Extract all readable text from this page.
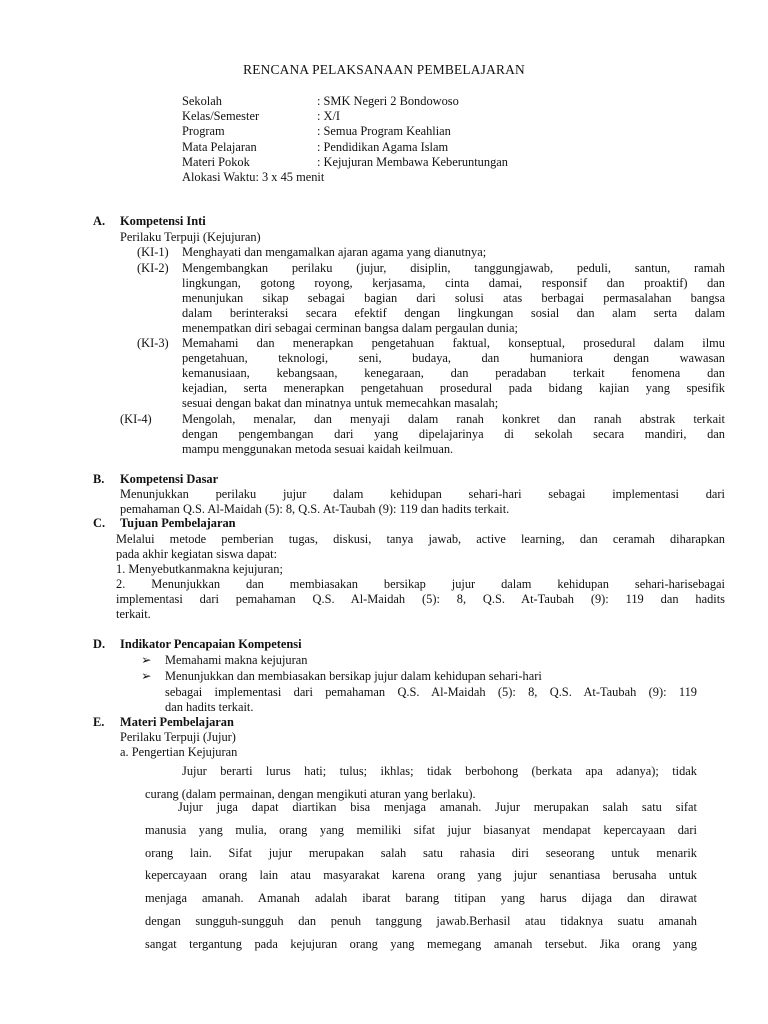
RENCANA PELAKSANAAN PEMBELAJARAN
Sekolah	: SMK Negeri 2 Bondowoso
Kelas/Semester	: X/I
Program	: Semua Program Keahlian
Mata Pelajaran	: Pendidikan Agama Islam
Materi Pokok	: Kejujuran Membawa Keberuntungan
Alokasi Waktu: 3 x 45 menit	
A. Kompetensi Inti
Perilaku Terpuji (Kejujuran)
(KI-1) Menghayati dan mengamalkan ajaran agama yang dianutnya;
(KI-2) Mengembangkan perilaku (jujur, disiplin, tanggungjawab, peduli, santun, ramah

lingkungan, gotong royong, kerjasama, cinta damai, responsif dan proaktif) dan

menunjukan sikap sebagai bagian dari solusi atas berbagai permasalahan bangsa

dalam berinteraksi secara efektif dengan lingkungan sosial dan alam serta dalam

menempatkan diri sebagai cerminan bangsa dalam pergaulan dunia;

(KI-3) Memahami dan menerapkan pengetahuan faktual, konseptual, prosedural dalam ilmu

pengetahuan, teknologi, seni, budaya, dan humaniora dengan wawasan

kemanusiaan, kebangsaan, kenegaraan, dan peradaban terkait fenomena dan

kejadian, serta menerapkan pengetahuan prosedural pada bidang kajian yang spesifik

sesuai dengan bakat dan minatnya untuk memecahkan masalah;

(KI-4) Mengolah, menalar, dan menyaji dalam ranah konkret dan ranah abstrak terkait

dengan pengembangan dari yang dipelajarinya di sekolah secara mandiri, dan

mampu menggunakan metoda sesuai kaidah keilmuan.

B. Kompetensi Dasar

Menunjukkan perilaku jujur dalam kehidupan sehari-hari sebagai implementasi dari

pemahaman Q.S. Al-Maidah (5): 8, Q.S. At-Taubah (9): 119 dan hadits terkait.

C. Tujuan Pembelajaran

Melalui metode pemberian tugas, diskusi, tanya jawab, active learning, dan ceramah diharapkan

pada akhir kegiatan siswa dapat:

1. Menyebutkanmakna kejujuran;

2. Menunjukkan dan membiasakan bersikap jujur dalam kehidupan sehari-harisebagai

implementasi dari pemahaman Q.S. Al-Maidah (5): 8, Q.S. At-Taubah (9): 119 dan hadits

terkait.

D. Indikator Pencapaian Kompetensi
➢ Memahami makna kejujuran
➢ Menunjukkan dan membiasakan bersikap jujur dalam kehidupan sehari-hari

sebagai implementasi dari pemahaman Q.S. Al-Maidah (5): 8, Q.S. At-Taubah (9): 119

dan hadits terkait.

E. Materi Pembelajaran
Perilaku Terpuji (Jujur)
a. Pengertian Kejujuran

Jujur berarti lurus hati; tulus; ikhlas; tidak berbohong (berkata apa adanya); tidak

curang (dalam permainan, dengan mengikuti aturan yang berlaku).

Jujur juga dapat diartikan bisa menjaga amanah. Jujur merupakan salah satu sifat

manusia yang mulia, orang yang memiliki sifat jujur biasanyat mendapat kepercayaan dari

orang lain. Sifat jujur merupakan salah satu rahasia diri seseorang untuk menarik

kepercayaan orang lain atau masyarakat karena orang yang jujur senantiasa berusaha untuk

menjaga amanah. Amanah adalah ibarat barang titipan yang harus dijaga dan dirawat

dengan sungguh-sungguh dan penuh tanggung jawab.Berhasil atau tidaknya suatu amanah

sangat tergantung pada kejujuran orang yang memegang amanah tersebut. Jika orang yang
